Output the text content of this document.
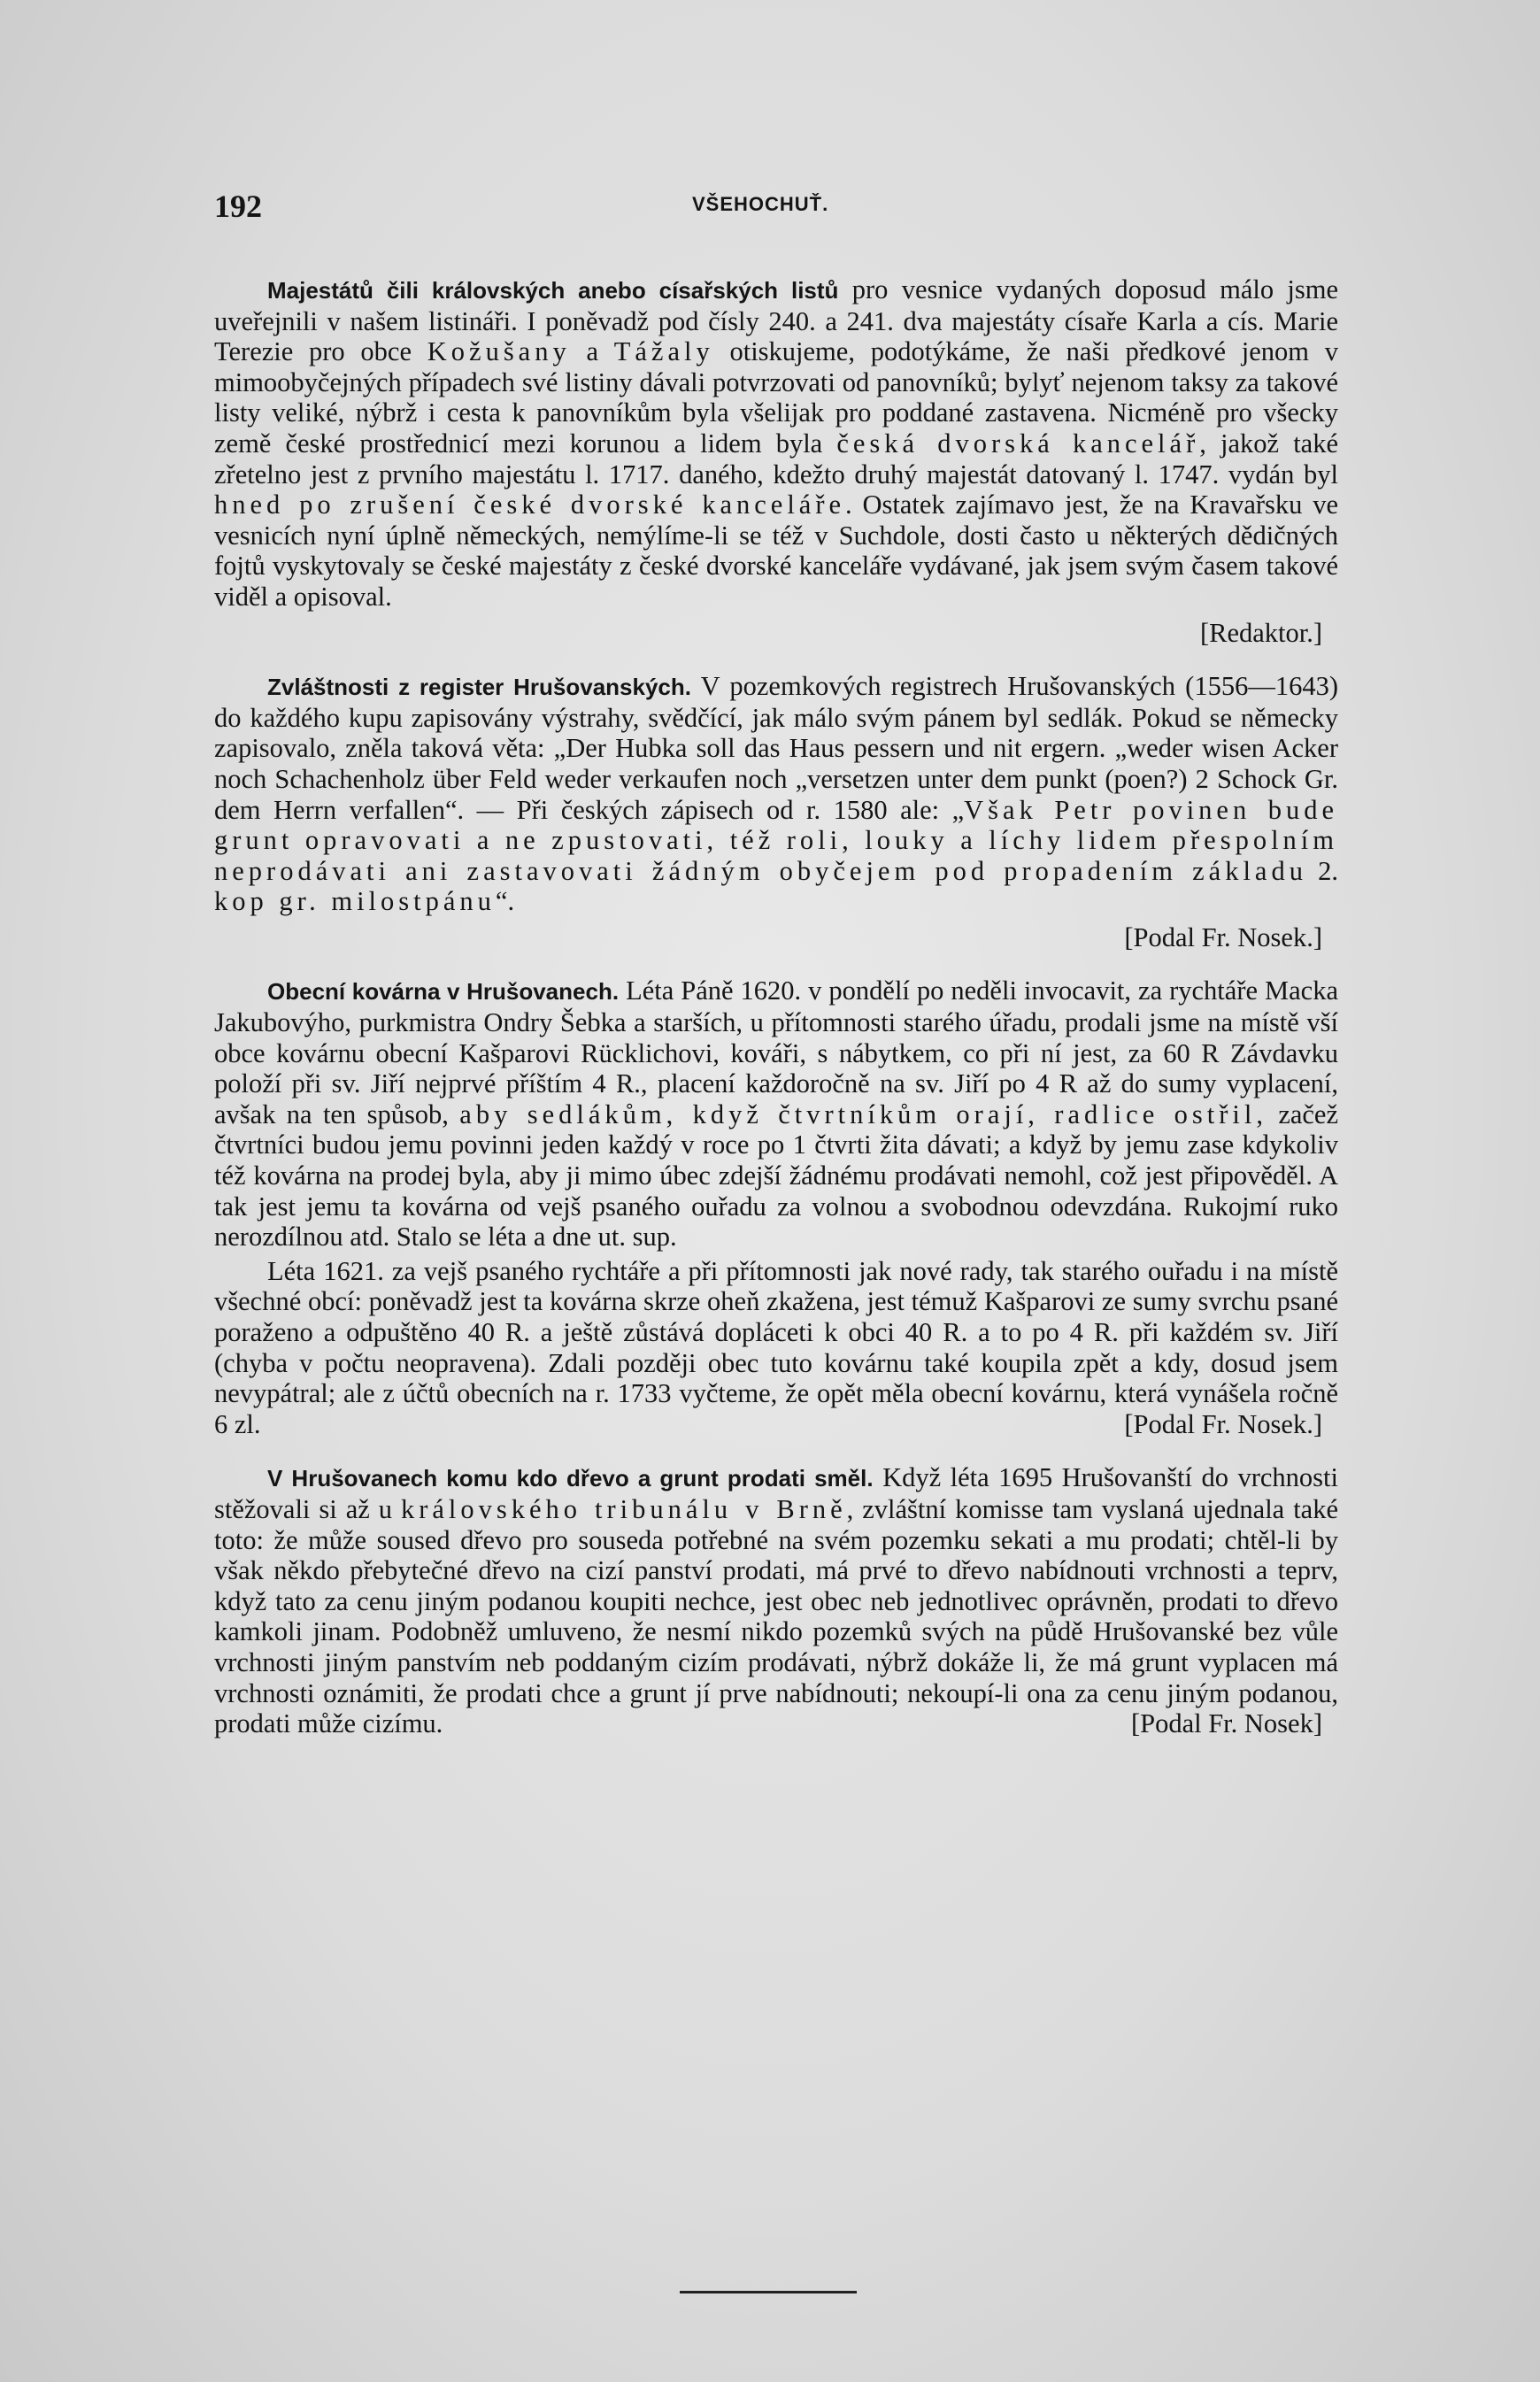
192	VŠEHOCHUŤ.

Majestátů čili královských anebo císařských listů pro vesnice vydaných doposud málo jsme uveřejnili v našem listináři. I poněvadž pod čísly 240. a 241. dva majestáty císaře Karla a cís. Marie Terezie pro obce Kožušany a Tážaly otiskujeme, podotýkáme, že naši předkové jenom v mimoobyčejných případech své listiny dávali potvrzovati od panovníků; bylyť nejenom taksy za takové listy veliké, nýbrž i cesta k panovníkům byla všelijak pro poddané zastavena. Nicméně pro všecky země české prostřednicí mezi korunou a lidem byla česká dvorská kancelář, jakož také zřetelno jest z prvního majestátu l. 1717. daného, kdežto druhý majestát datovaný l. 1747. vydán byl hned po zrušení české dvorské kanceláře. Ostatek zajímavo jest, že na Kravařsku ve vesnicích nyní úplně německých, nemýlíme-li se též v Suchdole, dosti často u některých dědičných fojtů vyskytovaly se české majestáty z české dvorské kanceláře vydávané, jak jsem svým časem takové viděl a opisoval.

[Redaktor.]

Zvláštnosti z register Hrušovanských. V pozemkových registrech Hrušovanských (1556—1643) do každého kupu zapisovány výstrahy, svědčící, jak málo svým pánem byl sedlák. Pokud se německy zapisovalo, zněla taková věta: „Der Hubka soll das Haus pessern und nit ergern. „weder wisen Acker noch Schachenholz über Feld weder verkaufen noch „versetzen unter dem punkt (poen?) 2 Schock Gr. dem Herrn verfallen“. — Při českých zápisech od r. 1580 ale: „Však Petr povinen bude grunt opravovati a ne zpustovati, též roli, louky a líchy lidem přespolním neprodávati ani zastavovati žádným obyčejem pod propadením základu 2. kop gr. milostpánu“.

[Podal Fr. Nosek.]

Obecní kovárna v Hrušovanech. Léta Páně 1620. v pondělí po neděli invocavit, za rychtáře Macka Jakubovýho, purkmistra Ondry Šebka a starších, u přítomnosti starého úřadu, prodali jsme na místě vší obce kovárnu obecní Kašparovi Rücklichovi, kováři, s nábytkem, co při ní jest, za 60 R Závdavku položí při sv. Jiří nejprvé příštím 4 R., placení každoročně na sv. Jiří po 4 R až do sumy vyplacení, avšak na ten spůsob, aby sedlákům, když čtvrtníkům orají, radlice ostřil, začež čtvrtníci budou jemu povinni jeden každý v roce po 1 čtvrti žita dávati; a když by jemu zase kdykoliv též kovárna na prodej byla, aby ji mimo úbec zdejší žádnému prodávati nemohl, což jest připověděl. A tak jest jemu ta kovárna od vejš psaného ouřadu za volnou a svobodnou odevzdána. Rukojmí ruko nerozdílnou atd. Stalo se léta a dne ut. sup.

Léta 1621. za vejš psaného rychtáře a při přítomnosti jak nové rady, tak starého ouřadu i na místě všechné obcí: poněvadž jest ta kovárna skrze oheň zkažena, jest témuž Kašparovi ze sumy svrchu psané poraženo a odpuštěno 40 R. a ještě zůstává dopláceti k obci 40 R. a to po 4 R. při každém sv. Jiří (chyba v počtu neopravena). Zdali později obec tuto kovárnu také koupila zpět a kdy, dosud jsem nevypátral; ale z účtů obecních na r. 1733 vyčteme, že opět měla obecní kovárnu, která vynášela ročně 6 zl.	[Podal Fr. Nosek.]

V Hrušovanech komu kdo dřevo a grunt prodati směl. Když léta 1695 Hrušovanští do vrchnosti stěžovali si až u královského tribunálu v Brně, zvláštní komisse tam vyslaná ujednala také toto: že může soused dřevo pro souseda potřebné na svém pozemku sekati a mu prodati; chtěl-li by však někdo přebytečné dřevo na cizí panství prodati, má prvé to dřevo nabídnouti vrchnosti a teprv, když tato za cenu jiným podanou koupiti nechce, jest obec neb jednotlivec oprávněn, prodati to dřevo kamkoli jinam. Podobněž umluveno, že nesmí nikdo pozemků svých na půdě Hrušovanské bez vůle vrchnosti jiným panstvím neb poddaným cizím prodávati, nýbrž dokáže li, že má grunt vyplacen má vrchnosti oznámiti, že prodati chce a grunt jí prve nabídnouti; nekoupí-li ona za cenu jiným podanou, prodati může cizímu.	[Podal Fr. Nosek]
